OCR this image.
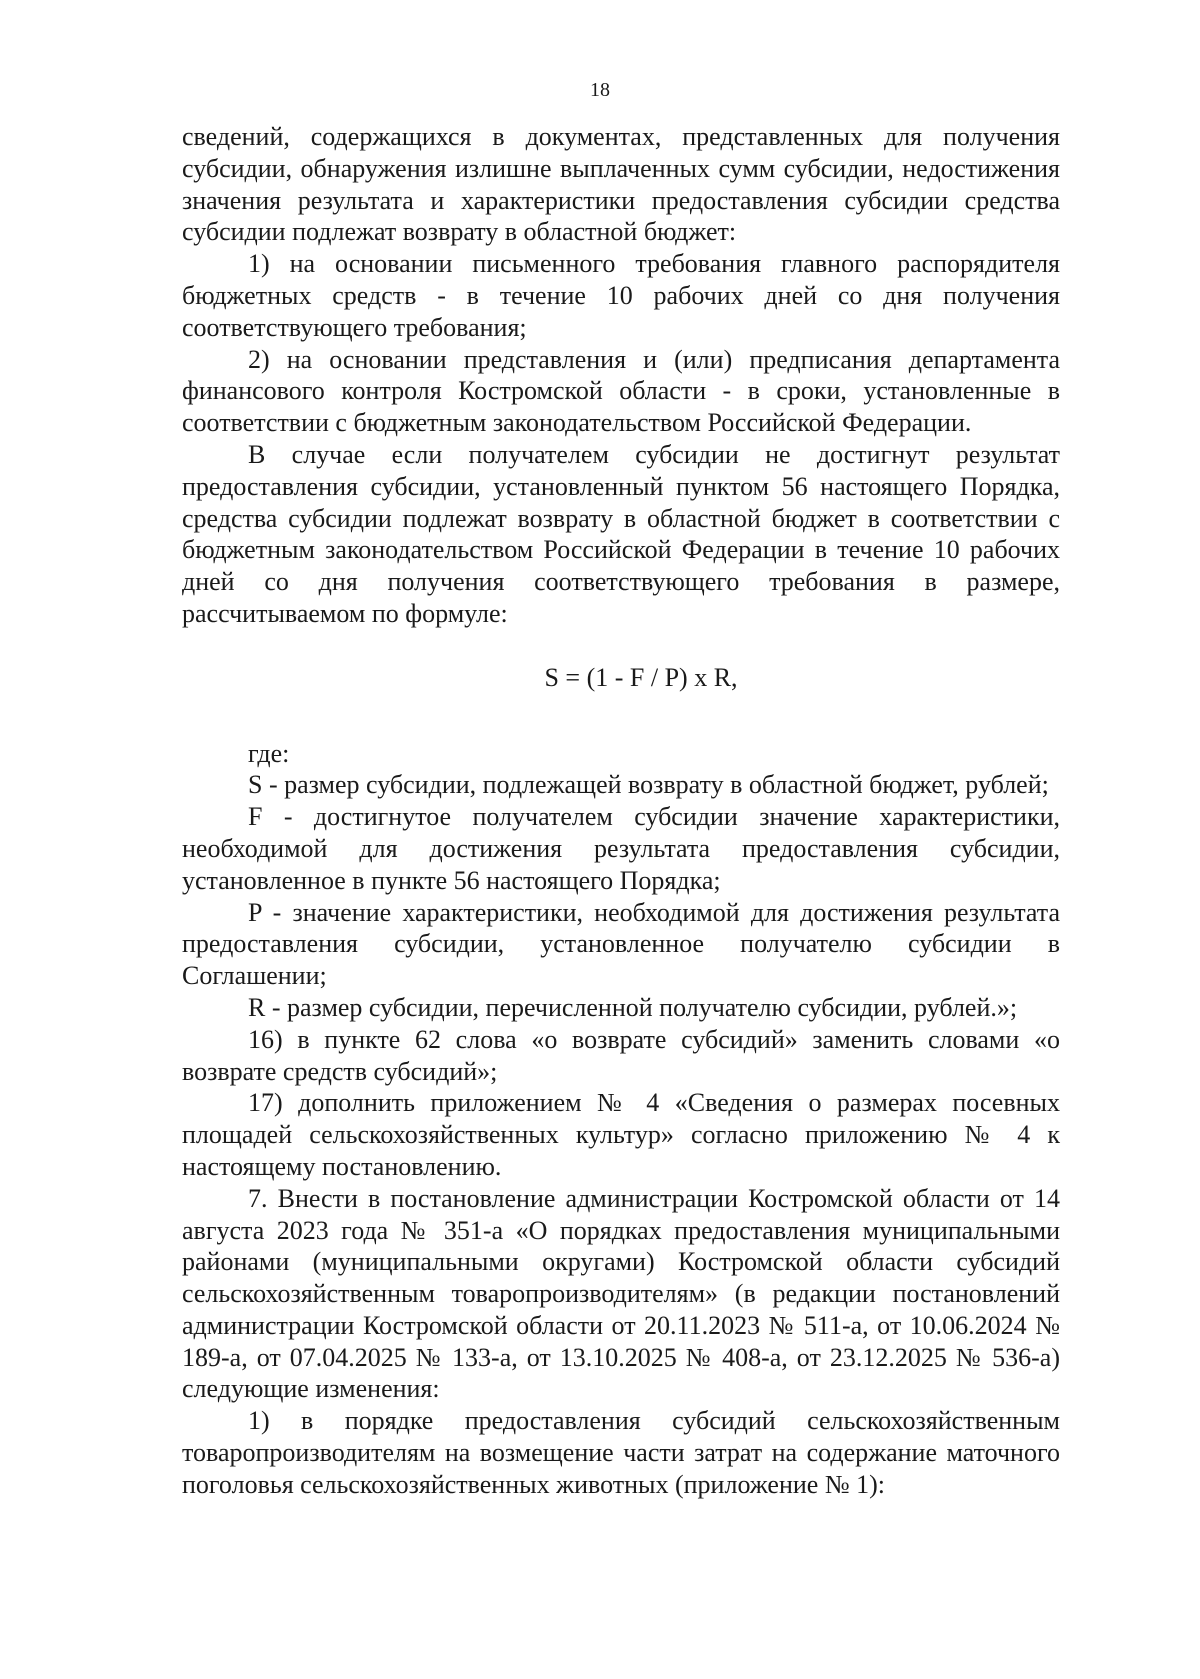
18

сведений, содержащихся в документах, представленных для получения субсидии, обнаружения излишне выплаченных сумм субсидии, недостижения значения результата и характеристики предоставления субсидии средства субсидии подлежат возврату в областной бюджет:

1) на основании письменного требования главного распорядителя бюджетных средств - в течение 10 рабочих дней со дня получения соответствующего требования;

2) на основании представления и (или) предписания департамента финансового контроля Костромской области - в сроки, установленные в соответствии с бюджетным законодательством Российской Федерации.

В случае если получателем субсидии не достигнут результат предоставления субсидии, установленный пунктом 56 настоящего Порядка, средства субсидии подлежат возврату в областной бюджет в соответствии с бюджетным законодательством Российской Федерации в течение 10 рабочих дней со дня получения соответствующего требования в размере, рассчитываемом по формуле:

S = (1 - F / P) x R,

где:

S - размер субсидии, подлежащей возврату в областной бюджет, рублей;

F - достигнутое получателем субсидии значение характеристики, необходимой для достижения результата предоставления субсидии, установленное в пункте 56 настоящего Порядка;

P - значение характеристики, необходимой для достижения результата предоставления субсидии, установленное получателю субсидии в Соглашении;

R - размер субсидии, перечисленной получателю субсидии, рублей.»;

16) в пункте 62 слова «о возврате субсидий» заменить словами «о возврате средств субсидий»;

17) дополнить приложением № 4 «Сведения о размерах посевных площадей сельскохозяйственных культур» согласно приложению № 4 к настоящему постановлению.

7. Внести в постановление администрации Костромской области от 14 августа 2023 года № 351-а «О порядках предоставления муниципальными районами (муниципальными округами) Костромской области субсидий сельскохозяйственным товаропроизводителям» (в редакции постановлений администрации Костромской области от 20.11.2023 № 511-а, от 10.06.2024 № 189-а, от 07.04.2025 № 133-а, от 13.10.2025 № 408-а, от 23.12.2025 № 536-а) следующие изменения:

1) в порядке предоставления субсидий сельскохозяйственным товаропроизводителям на возмещение части затрат на содержание маточного поголовья сельскохозяйственных животных (приложение № 1):
